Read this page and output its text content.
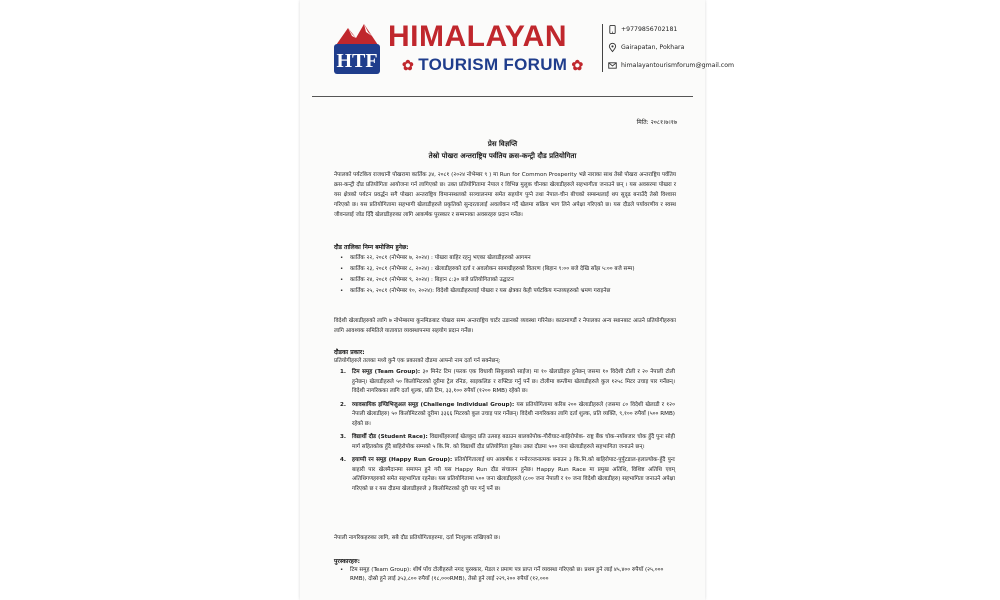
HTF
HIMALAYAN
✿ TOURISM FORUM ✿
+9779856702181
Gairapatan, Pokhara
himalayantourismforum@gmail.com
मिति: २०८१।७।१७
प्रेस विज्ञप्ति
तेस्रो पोखरा अन्तराष्ट्रिय पर्वतिय क्रस-कन्ट्री दौड प्रतियोगिता
नेपालको पर्यटकिय राजधानी पोखरामा कार्तिक ३४, २०८१ (२०२४ नोभेम्बर ९ ) मा Run for Common Prosperity भन्ने नाराका साथ तेस्रो पोखरा अन्तराष्ट्रिय पर्वतिय क्रस-कन्ट्री दौड प्रतियोगिता आयोजना गर्न लागिएको छ। उक्त प्रतियोगितामा नेपाल र विभिन्न मुलुक चीनका खेलाडीहरुले सहभागीता जनाउने छन् । यस अवसरमा पोखरा र यस क्षेत्रको पर्यटन प्रवर्द्धन सगै पोखरा अन्तराष्ट्रिय विमानस्थलको सञ्चालनमा समेत सहयोग पुग्ने तथा नेपाल-चीन बीचको सम्बन्धलाई थप सुदृढ बनाउँदै तेस्रो विश्वास गरिएको छ। यस प्रतियोगितामा सहभागी खेलाडीहरुले प्रकृतिको सुन्दरतालाई अवलोकन गर्दै खेलमा सक्रिय भाग लिने अपेक्षा गरिएको छ। यस दौडले पर्यावरणीय र स्वस्थ जीवनलाई जोड दिँदै खेलाडीहरुका लागि आकर्षक पुरस्कार र सम्मानका अवसरहरु प्रदान गर्नेछ।
दौड तालिका निम्न बमोजिम हुनेछ:
• कार्तिक २२, २०८१ (नोभेम्बर ७, २०२४) : पोखरा बाहिर रहनु भएका खेलाडीहरुको आगमन
• कार्तिक २३, २०८१ (नोभेम्बर ८, २०२४) : खेलाडीहरुको दर्ता र अवलोकन सामाग्रीहरुको वितरण (बिहान ९:०० बजे देखि साँझ ५:०० बजे सम्म)
• कार्तिक २४, २०८१ (नोभेम्बर ९, २०२४) : बिहान ८:३० बजे प्रतियोगिताको उद्घाटन
• कार्तिक २५, २०८१ (नोभेम्बर १०, २०२४): विदेशी खेलाडीहरुलाई पोखरा र यस क्षेत्रका केही पर्यटकिय गन्तव्यहरुको भ्रमण गराइनेछ
विदेशी खेलाडीहरुको लागि ७ नोभेम्बरमा कुनमिङबाट पोखरा सम्म अन्तराष्ट्रिय चार्टर उडानको व्यवस्था गरिनेछ। काठमाण्डौं र नेपालका अन्य स्थानबाट आउने प्रतियोगीहरुका लागि आवश्यक समितिले यातायात व्यवस्थापनमा सहयोग प्रदान गर्नेछ।
दौडका प्रकार:
प्रतियोगीहरुले तलका मध्ये कुनै एक प्रकारको दौडमा आफ्नो नाम दर्ता गर्न सक्नेछन्:
1. टिम समूह (Team Group): ३० मिनेट टिम (फरक एक विधायी सिकुवाको साईज) मा १० खेलाडीहरु हुनेछन् जसमा १० विदेशी टोली र २० नेपाली टोली हुनेछन्। खेलाडीहरुले ५० किलोमिटरको दूरीमा ट्रेल रनिङ, साइकलिङ र राफ्टिङ गर्नु पर्ने छ। टोलीमा कम्तीमा खेलाडीहरुले कुल १२५८ मिटर उचाइ पार गर्नेछन्। विदेशी नागरिकका लागि दर्ता शुल्क, प्रति टिम, ३३,१०० रुपैयाँ (१२०० RMB) रहेको छ।
2. व्यावसायिक इण्डिभिजुअल समूह (Challenge Individual Group): यस प्रतियोगितामा करिब २०० खेलाडीहरुले (जसमा ८० विदेशी खेलाडी र १२० नेपाली खेलाडीहरु) ५० किलोमिटरको दूरीमा ३३६६ मिटरको कुल उचाइ पार गर्नेछन्। विदेशी नागरिकका लागि दर्ता शुल्क, प्रति व्यक्ति, ९,१०० रुपैयाँ (५०० RMB) रहेको छ।
3. विद्यार्थी दौड (Student Race): विद्यार्थीहरुलाई खेलकुद प्रति उत्साह बढाउन बालकोपोक-गौरीघाट-बाहिरोपोक- राष्ट्र बैंक चोक-नयाँबजार चोक हुँदै पुनः सोही मार्ग सहितकोक हुँदै बाहिरोपोक सम्मको ५ कि.मि. को विद्यार्थी दौड प्रतियोगिता हुनेछ। उक्त दौडमा ५०० जना खेलाडीहरुले सहभागिता जनाउने छन्।
4. हयाप्पी रन समूह (Happy Run Group): प्रतियोगितालाई थप आकर्षक र मनोरञ्जनात्मक बनाउन ३ कि.मि.को बाहिरोपाट-पुर्पुटडाल-हलाल्योक-हुँदै पुनः बाहारी पार खेलमैदानमा समापन हुने गरी यस Happy Run दौड संचालन हुनेछ। Happy Run Race मा प्रमुख अतिथि, विशिष्ट अतिथि एवम् अतिथिगणहरुको समेत सहभागिता रहनेछ। यस प्रतियोगितामा ५०० जना खेलाडीहरुले (८०० जना नेपाली र १० जना विदेशी खेलाडीहरु) सहभागिता जनाउने अपेक्षा गरिएको छ र यस दौडमा खेलाडीहरुले ३ किलोमिटरको दूरी पार गर्नु पर्ने छ।
नेपाली नागरिकहरुका लागि, सबै दौड प्रतियोगिताहरुमा, दर्ता निःशुल्क राखिएको छ।
पुरस्कारहरु:
• टिम समूह (Team Group): शीर्ष पाँच टोलीहरुले नगद पुरस्कार, मेडल र प्रमाण पत्र प्राप्त गर्ने व्यवस्था गरिएको छ। प्रथम हुने लाई ४५,४०० रुपैयाँ (२५,००० RMB), दोस्रो हुने लाई ३५३,८०० रुपैयाँ (१८,०००RMB), तेस्रो हुने लाई २२९,२०० रुपैयाँ (१२,०००
